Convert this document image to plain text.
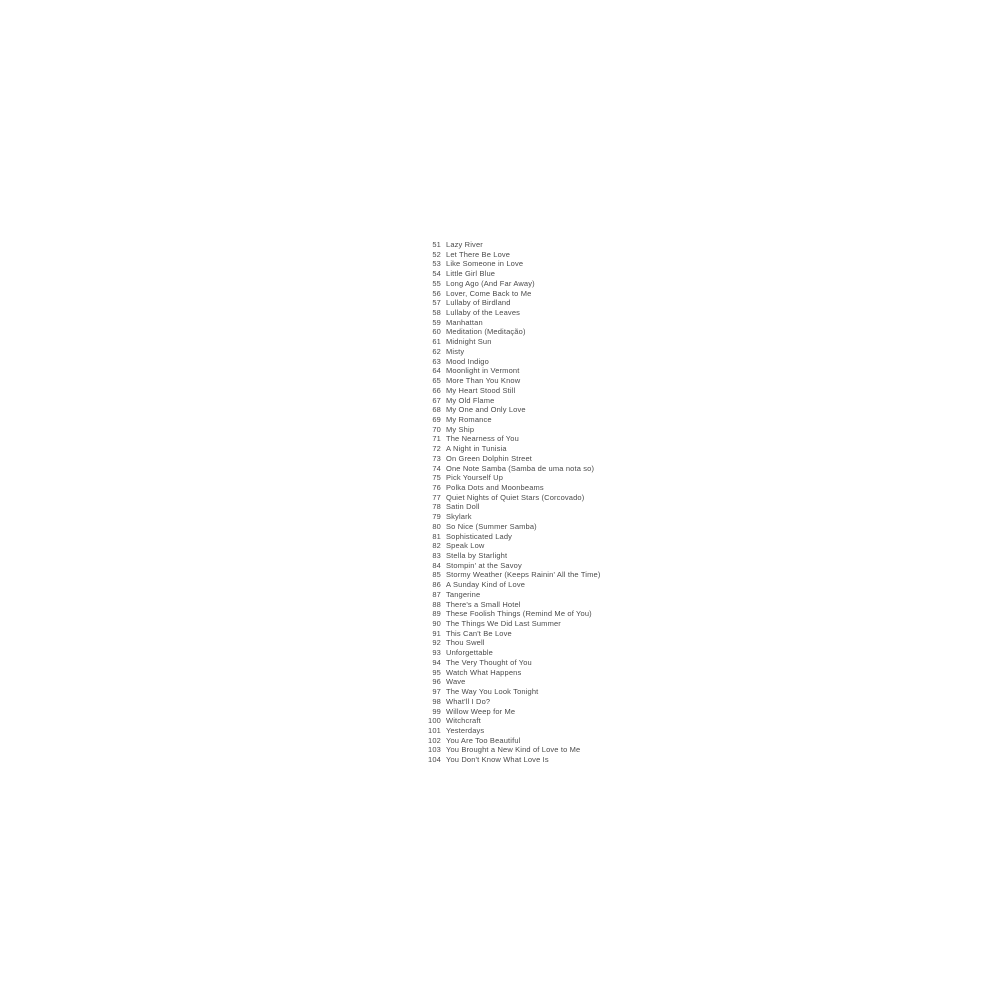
51 Lazy River
52 Let There Be Love
53 Like Someone in Love
54 Little Girl Blue
55 Long Ago (And Far Away)
56 Lover, Come Back to Me
57 Lullaby of Birdland
58 Lullaby of the Leaves
59 Manhattan
60 Meditation (Meditação)
61 Midnight Sun
62 Misty
63 Mood Indigo
64 Moonlight in Vermont
65 More Than You Know
66 My Heart Stood Still
67 My Old Flame
68 My One and Only Love
69 My Romance
70 My Ship
71 The Nearness of You
72 A Night in Tunisia
73 On Green Dolphin Street
74 One Note Samba (Samba de uma nota so)
75 Pick Yourself Up
76 Polka Dots and Moonbeams
77 Quiet Nights of Quiet Stars (Corcovado)
78 Satin Doll
79 Skylark
80 So Nice (Summer Samba)
81 Sophisticated Lady
82 Speak Low
83 Stella by Starlight
84 Stompin' at the Savoy
85 Stormy Weather (Keeps Rainin' All the Time)
86 A Sunday Kind of Love
87 Tangerine
88 There's a Small Hotel
89 These Foolish Things (Remind Me of You)
90 The Things We Did Last Summer
91 This Can't Be Love
92 Thou Swell
93 Unforgettable
94 The Very Thought of You
95 Watch What Happens
96 Wave
97 The Way You Look Tonight
98 What'll I Do?
99 Willow Weep for Me
100 Witchcraft
101 Yesterdays
102 You Are Too Beautiful
103 You Brought a New Kind of Love to Me
104 You Don't Know What Love Is
